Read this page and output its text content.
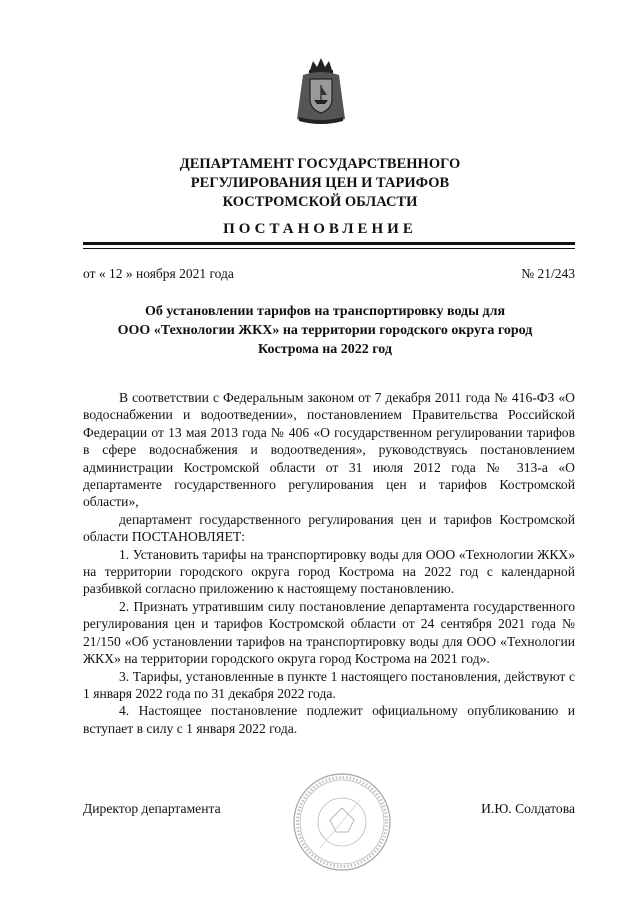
ДЕПАРТАМЕНТ ГОСУДАРСТВЕННОГО
РЕГУЛИРОВАНИЯ ЦЕН И ТАРИФОВ
КОСТРОМСКОЙ ОБЛАСТИ
ПОСТАНОВЛЕНИЕ
от « 12 » ноября 2021 года	№ 21/243
Об установлении тарифов на транспортировку воды для
ООО «Технологии ЖКХ» на территории городского округа город
Кострома на 2022 год

В соответствии с Федеральным законом от 7 декабря 2011 года № 416-ФЗ «О водоснабжении и водоотведении», постановлением Правительства Российской Федерации от 13 мая 2013 года № 406 «О государственном регулировании тарифов в сфере водоснабжения и водоотведения», руководствуясь постановлением администрации Костромской области от 31 июля 2012 года № 313-а «О департаменте государственного регулирования цен и тарифов Костромской области»,

департамент государственного регулирования цен и тарифов Костромской области ПОСТАНОВЛЯЕТ:

1. Установить тарифы на транспортировку воды для ООО «Технологии ЖКХ» на территории городского округа город Кострома на 2022 год с календарной разбивкой согласно приложению к настоящему постановлению.

2. Признать утратившим силу постановление департамента государственного регулирования цен и тарифов Костромской области от 24 сентября 2021 года № 21/150 «Об установлении тарифов на транспортировку воды для ООО «Технологии ЖКХ» на территории городского округа город Кострома на 2021 год».

3. Тарифы, установленные в пункте 1 настоящего постановления, действуют с 1 января 2022 года по 31 декабря 2022 года.

4. Настоящее постановление подлежит официальному опубликованию и вступает в силу с 1 января 2022 года.

Директор департамента	И.Ю. Солдатова
